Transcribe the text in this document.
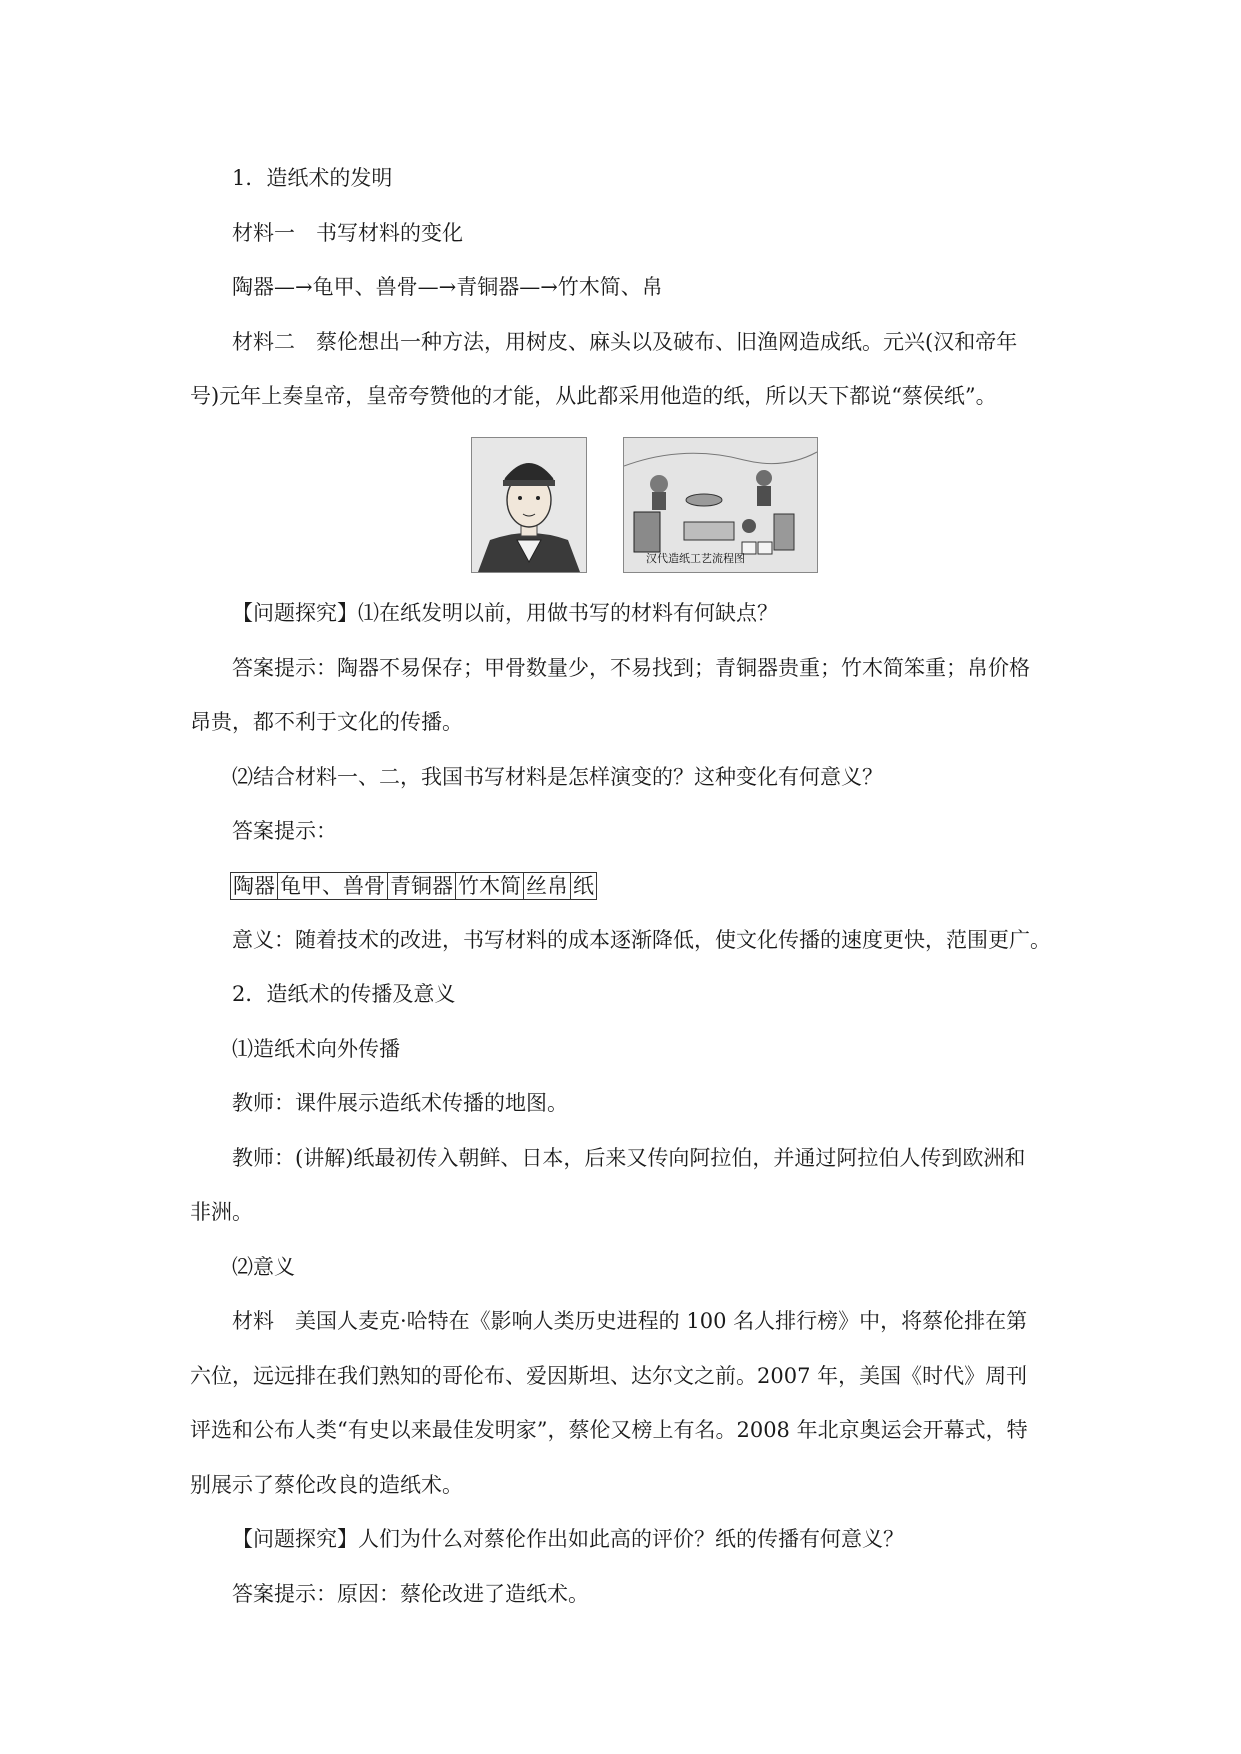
1．造纸术的发明
材料一　书写材料的变化
陶器—→龟甲、兽骨—→青铜器—→竹木简、帛
材料二　蔡伦想出一种方法，用树皮、麻头以及破布、旧渔网造成纸。元兴(汉和帝年
号)元年上奏皇帝，皇帝夸赞他的才能，从此都采用他造的纸，所以天下都说“蔡侯纸”。
汉代造纸工艺流程图
【问题探究】⑴在纸发明以前，用做书写的材料有何缺点？
答案提示：陶器不易保存；甲骨数量少，不易找到；青铜器贵重；竹木简笨重；帛价格
昂贵，都不利于文化的传播。
⑵结合材料一、二，我国书写材料是怎样演变的？这种变化有何意义？
答案提示：
陶器 龟甲、兽骨 青铜器 竹木简 丝帛 纸
意义：随着技术的改进，书写材料的成本逐渐降低，使文化传播的速度更快，范围更广。
2．造纸术的传播及意义
⑴造纸术向外传播
教师：课件展示造纸术传播的地图。
教师：(讲解)纸最初传入朝鲜、日本，后来又传向阿拉伯，并通过阿拉伯人传到欧洲和
非洲。
⑵意义
材料　美国人麦克·哈特在《影响人类历史进程的 100 名人排行榜》中，将蔡伦排在第
六位，远远排在我们熟知的哥伦布、爱因斯坦、达尔文之前。2007 年，美国《时代》周刊
评选和公布人类“有史以来最佳发明家”，蔡伦又榜上有名。2008 年北京奥运会开幕式，特
别展示了蔡伦改良的造纸术。
【问题探究】人们为什么对蔡伦作出如此高的评价？纸的传播有何意义？
答案提示：原因：蔡伦改进了造纸术。
